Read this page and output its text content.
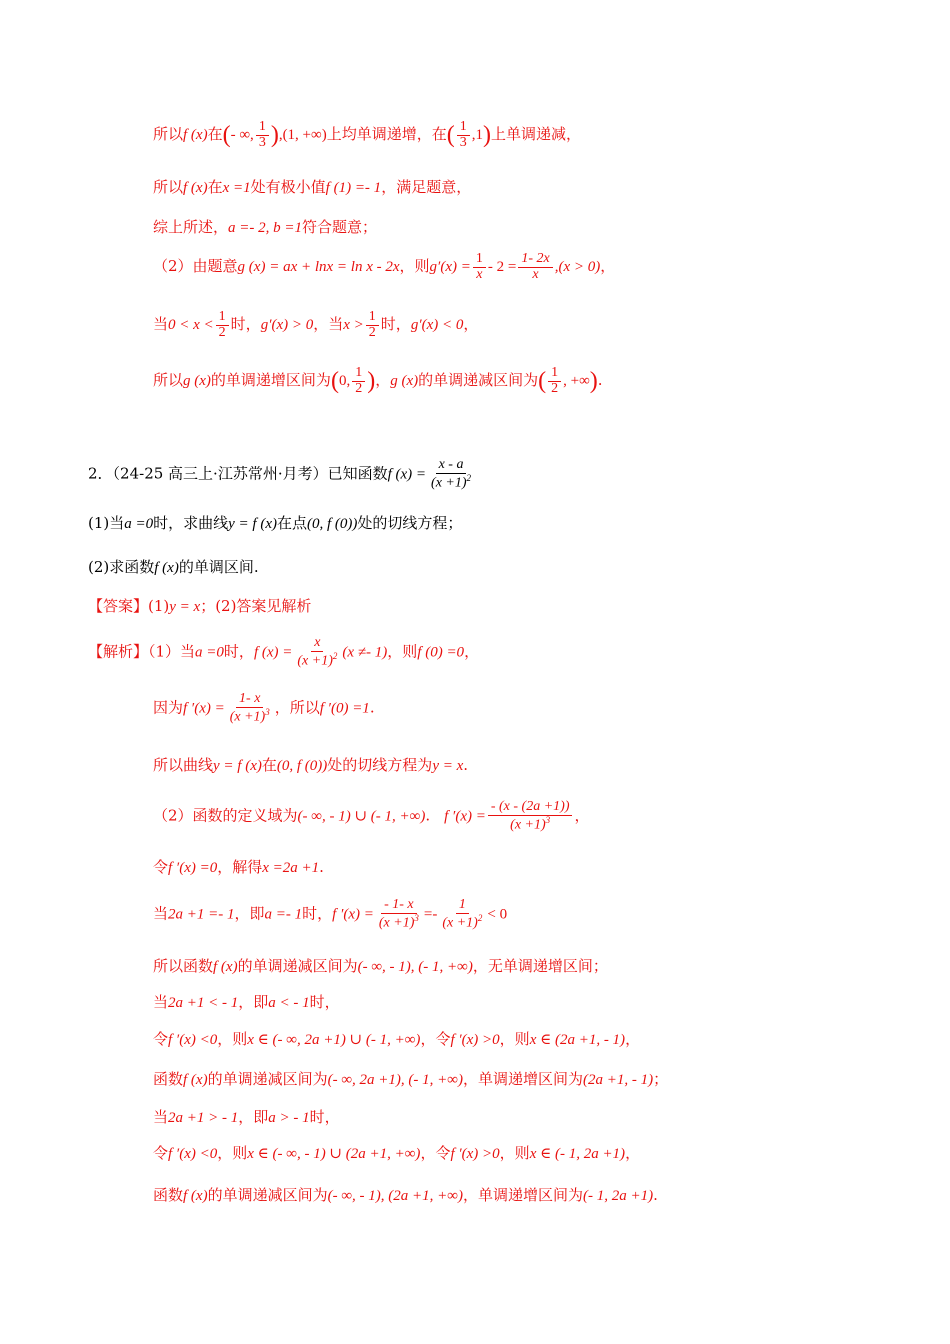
所以f (x)在(- ∞, $\frac{1}{3} ),(1$, +∞)上均单调递增，在( $\frac{1}{3} ,1$)上单调递减，
所以f (x)在x =1处有极小值f (1) =- 1，满足题意，
综上所述，a =- 2, b =1符合题意；
（2）由题意g (x) = ax + lnx = ln x - 2x，则$g'(x) = \frac{1}{x} - 2 = \frac{1- 2x}{x} ,(x > 0)$，
当$0 < x < \frac{1}{2}$ 时，g′(x) > 0，当$x > \frac{1}{2}$ 时，g′(x) < 0，
所以g (x)的单调递增区间为(0, $\frac{1}{2}$ )，g (x)的单调递减区间为( $\frac{1}{2}$ , +∞).
2．（24-25 高三上·江苏常州·月考）已知函数f $(x) = \frac{x - a}{(x +1)^2}$
(1)当a =0时，求曲线y = f (x)在点(0, f (0))处的切线方程；
(2)求函数f (x)的单调区间.
【答案】(1)y = x；(2)答案见解析
【解析】（1）当a =0时，f $(x) = \frac{x}{(x +1)^2} (x \ne- 1)$，则f (0) =0，
因为f $'(x) = \frac{1- x}{(x +1)^3}$ ，所以f ′(0) =1.
所以曲线y = f (x)在(0, f (0))处的切线方程为y = x.
（2）函数的定义域为(- ∞, - 1) ∪ (- 1, +∞). f $'(x) = \frac{- (x - (2a +1))}{(x +1)^3}$ ，
令f ′(x) =0，解得x =2a +1.
当2a +1 =- 1，即a =- 1时，f $'(x) = \frac{- 1- x}{(x +1)^3} =- \frac{1}{(x +1)^2} < 0$
所以函数f (x)的单调递减区间为(- ∞, - 1), (- 1, +∞)，无单调递增区间；
当2a +1 < - 1，即a < - 1时，
令f ′(x) <0，则x ∈ (- ∞, 2a +1) ∪ (- 1, +∞)，令f ′(x) >0，则x ∈ (2a +1, - 1)，
函数f (x)的单调递减区间为(- ∞, 2a +1), (- 1, +∞)，单调递增区间为(2a +1, - 1)；
当2a +1 > - 1，即a > - 1时，
令f ′(x) <0，则x ∈ (- ∞, - 1) ∪ (2a +1, +∞)，令f ′(x) >0，则x ∈ (- 1, 2a +1)，
函数f (x)的单调递减区间为(- ∞, - 1), (2a +1, +∞)，单调递增区间为(- 1, 2a +1).
